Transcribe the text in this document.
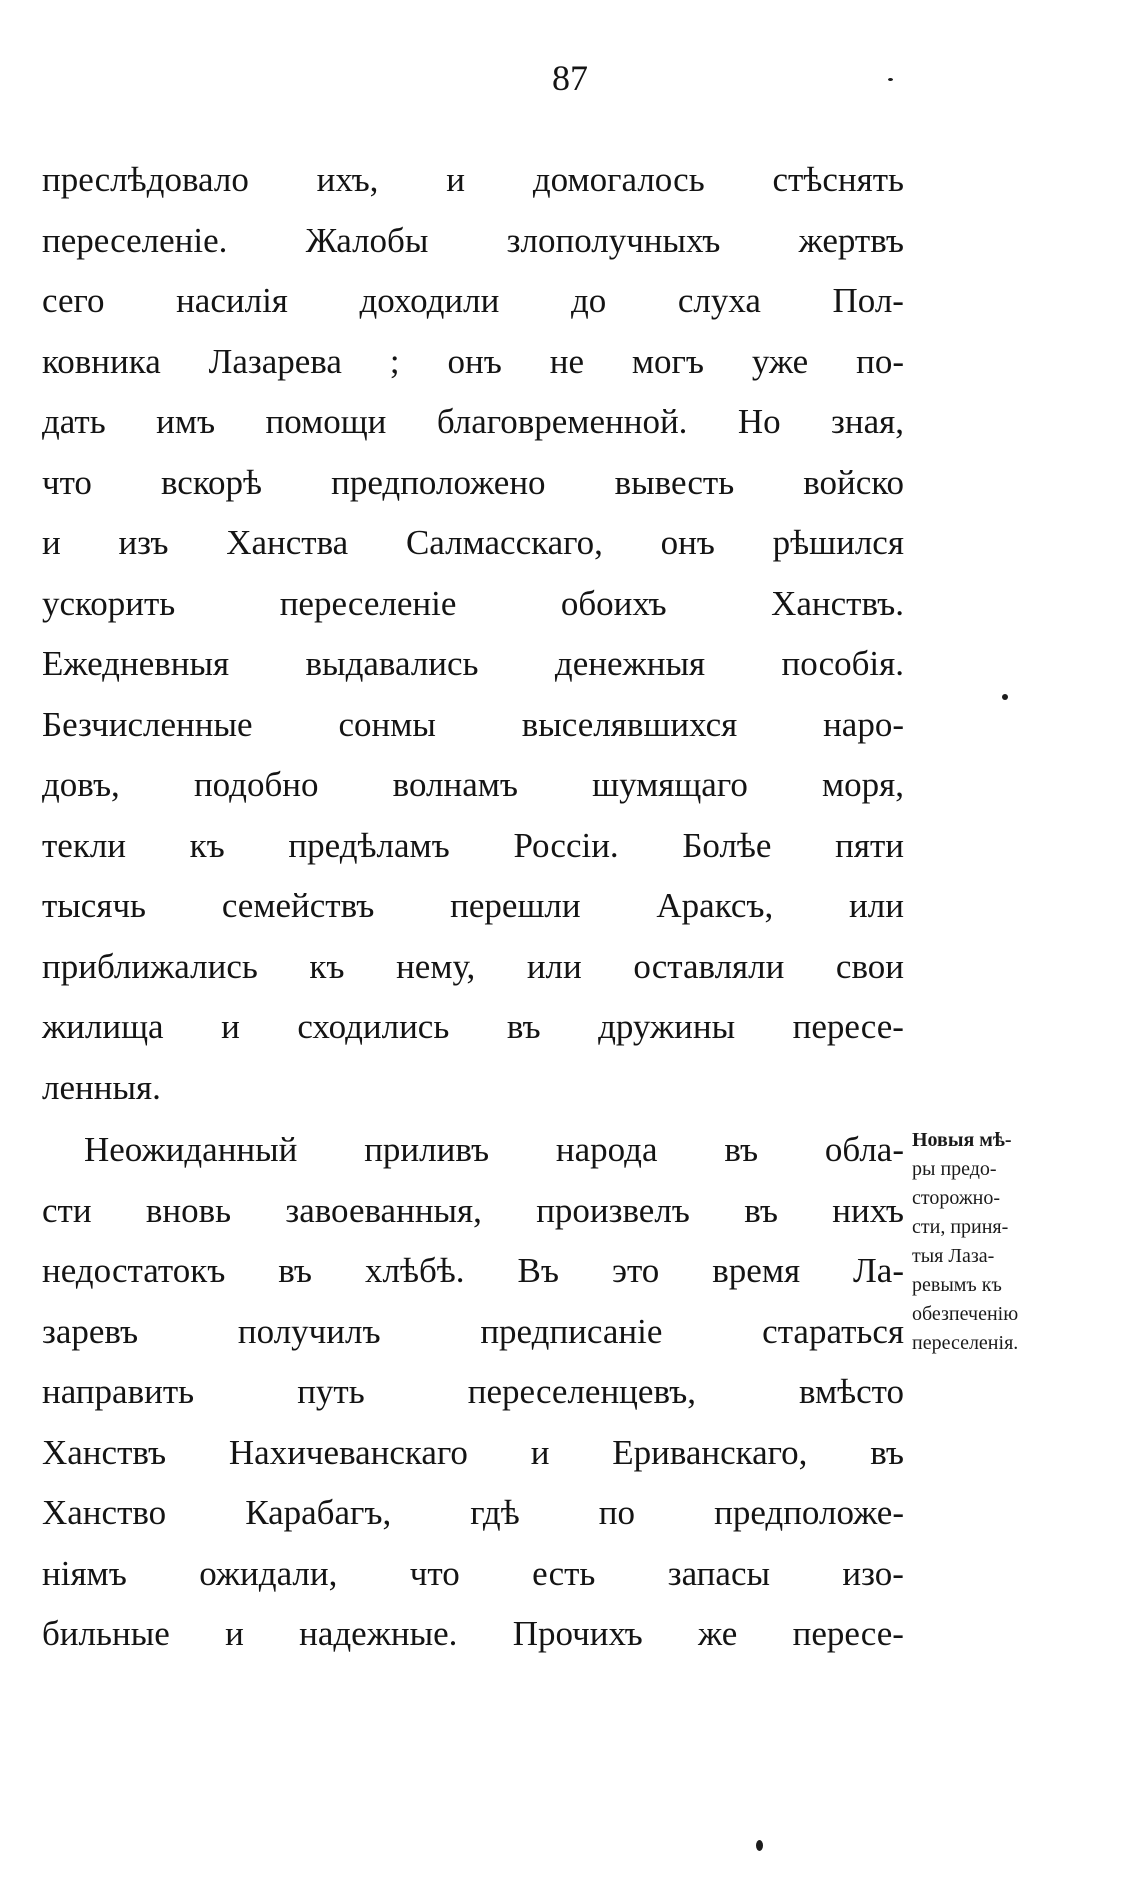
87
преслѣдовало ихъ, и домогалось стѣснять
переселеніе. Жалобы злополучныхъ жертвъ
сего насилія доходили до слуха Пол-
ковника Лазарева ; онъ не могъ уже по-
дать имъ помощи благовременной. Но зная,
что вскорѣ предположено вывесть войско
и изъ Ханства Салмасскаго, онъ рѣшился
ускорить	переселеніе	обоихъ	Ханствъ.
Ежедневныя выдавались денежныя пособія.
Безчисленные сонмы выселявшихся наро-
довъ, подобно волнамъ шумящаго моря,
текли къ предѣламъ Россіи. Болѣе пяти
тысячь семействъ перешли Араксъ, или
приближались къ нему, или оставляли свои
жилища и сходились въ дружины пересе-
ленныя.
Неожиданный приливъ народа въ обла-
сти вновь завоеванныя, произвелъ въ нихъ
недостатокъ въ хлѣбѣ. Въ это время Ла-
заревъ	получилъ	предписаніе	стараться
направить	путь	переселенцевъ,	вмѣсто
Ханствъ Нахичеванскаго и Ериванскаго, въ
Ханство Карабагъ, гдѣ по предположе-
ніямъ ожидали, что есть запасы изо-
бильные и надежные. Прочихъ же пересе-
Новыя мѣ-
ры предо-
сторожно-
сти, приня-
тыя Лаза-
ревымъ къ
обезпеченію
переселенія.
